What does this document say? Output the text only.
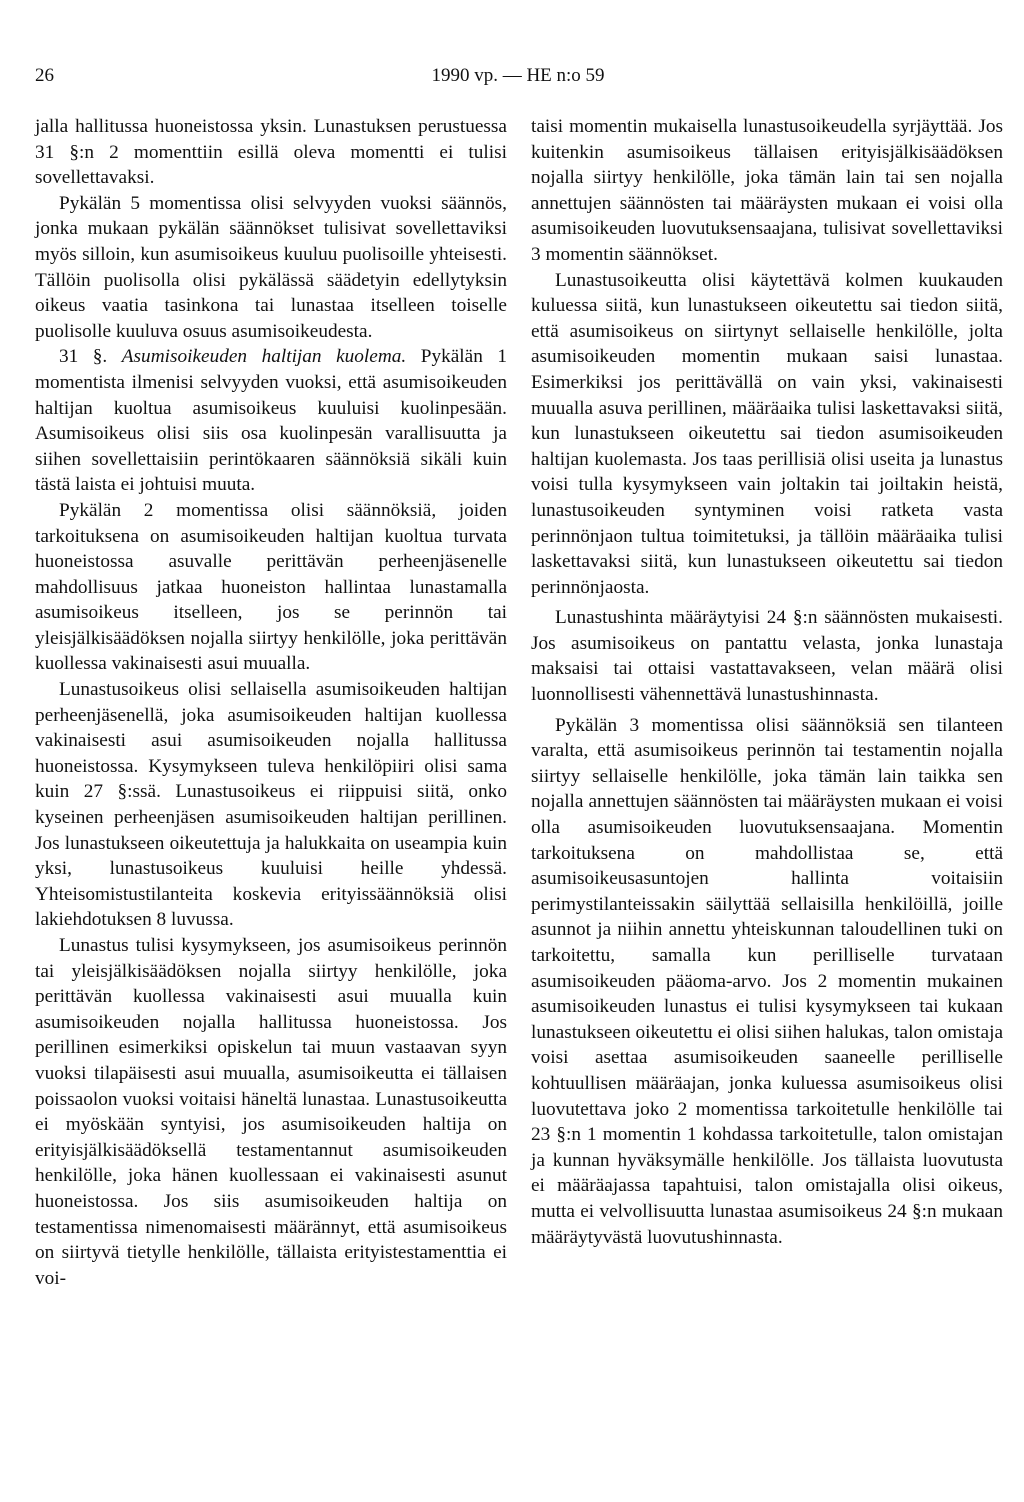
26	1990 vp. — HE n:o 59

jalla hallitussa huoneistossa yksin. Lunastuksen perustuessa 31 §:n 2 momenttiin esillä oleva momentti ei tulisi sovellettavaksi.

Pykälän 5 momentissa olisi selvyyden vuoksi säännös, jonka mukaan pykälän säännökset tulisivat sovellettaviksi myös silloin, kun asumisoikeus kuuluu puolisoille yhteisesti. Tällöin puolisolla olisi pykälässä säädetyin edellytyksin oikeus vaatia tasinkona tai lunastaa itselleen toiselle puolisolle kuuluva osuus asumisoikeudesta.

31 §. Asumisoikeuden haltijan kuolema. Pykälän 1 momentista ilmenisi selvyyden vuoksi, että asumisoikeuden haltijan kuoltua asumisoikeus kuuluisi kuolinpesään. Asumisoikeus olisi siis osa kuolinpesän varallisuutta ja siihen sovellettaisiin perintökaaren säännöksiä sikäli kuin tästä laista ei johtuisi muuta.

Pykälän 2 momentissa olisi säännöksiä, joiden tarkoituksena on asumisoikeuden haltijan kuoltua turvata huoneistossa asuvalle perittävän perheenjäsenelle mahdollisuus jatkaa huoneiston hallintaa lunastamalla asumisoikeus itselleen, jos se perinnön tai yleisjälkisäädöksen nojalla siirtyy henkilölle, joka perittävän kuollessa vakinaisesti asui muualla.

Lunastusoikeus olisi sellaisella asumisoikeuden haltijan perheenjäsenellä, joka asumisoikeuden haltijan kuollessa vakinaisesti asui asumisoikeuden nojalla hallitussa huoneistossa. Kysymykseen tuleva henkilöpiiri olisi sama kuin 27 §:ssä. Lunastusoikeus ei riippuisi siitä, onko kyseinen perheenjäsen asumisoikeuden haltijan perillinen. Jos lunastukseen oikeutettuja ja halukkaita on useampia kuin yksi, lunastusoikeus kuuluisi heille yhdessä. Yhteisomistustilanteita koskevia erityissäännöksiä olisi lakiehdotuksen 8 luvussa.

Lunastus tulisi kysymykseen, jos asumisoikeus perinnön tai yleisjälkisäädöksen nojalla siirtyy henkilölle, joka perittävän kuollessa vakinaisesti asui muualla kuin asumisoikeuden nojalla hallitussa huoneistossa. Jos perillinen esimerkiksi opiskelun tai muun vastaavan syyn vuoksi tilapäisesti asui muualla, asumisoikeutta ei tällaisen poissaolon vuoksi voitaisi häneltä lunastaa. Lunastusoikeutta ei myöskään syntyisi, jos asumisoikeuden haltija on erityisjälkisäädöksellä testamentannut asumisoikeuden henkilölle, joka hänen kuollessaan ei vakinaisesti asunut huoneistossa. Jos siis asumisoikeuden haltija on testamentissa nimenomaisesti määrännyt, että asumisoikeus on siirtyvä tietylle henkilölle, tällaista erityistestamenttia ei voi-

taisi momentin mukaisella lunastusoikeudella syrjäyttää. Jos kuitenkin asumisoikeus tällaisen erityisjälkisäädöksen nojalla siirtyy henkilölle, joka tämän lain tai sen nojalla annettujen säännösten tai määräysten mukaan ei voisi olla asumisoikeuden luovutuksensaajana, tulisivat sovellettaviksi 3 momentin säännökset.

Lunastusoikeutta olisi käytettävä kolmen kuukauden kuluessa siitä, kun lunastukseen oikeutettu sai tiedon siitä, että asumisoikeus on siirtynyt sellaiselle henkilölle, jolta asumisoikeuden momentin mukaan saisi lunastaa. Esimerkiksi jos perittävällä on vain yksi, vakinaisesti muualla asuva perillinen, määräaika tulisi laskettavaksi siitä, kun lunastukseen oikeutettu sai tiedon asumisoikeuden haltijan kuolemasta. Jos taas perillisiä olisi useita ja lunastus voisi tulla kysymykseen vain joltakin tai joiltakin heistä, lunastusoikeuden syntyminen voisi ratketa vasta perinnönjaon tultua toimitetuksi, ja tällöin määräaika tulisi laskettavaksi siitä, kun lunastukseen oikeutettu sai tiedon perinnönjaosta.

Lunastushinta määräytyisi 24 §:n säännösten mukaisesti. Jos asumisoikeus on pantattu velasta, jonka lunastaja maksaisi tai ottaisi vastattavakseen, velan määrä olisi luonnollisesti vähennettävä lunastushinnasta.

Pykälän 3 momentissa olisi säännöksiä sen tilanteen varalta, että asumisoikeus perinnön tai testamentin nojalla siirtyy sellaiselle henkilölle, joka tämän lain taikka sen nojalla annettujen säännösten tai määräysten mukaan ei voisi olla asumisoikeuden luovutuksensaajana. Momentin tarkoituksena on mahdollistaa se, että asumisoikeusasuntojen hallinta voitaisiin perimystilanteissakin säilyttää sellaisilla henkilöillä, joille asunnot ja niihin annettu yhteiskunnan taloudellinen tuki on tarkoitettu, samalla kun perilliselle turvataan asumisoikeuden pääoma-arvo. Jos 2 momentin mukainen asumisoikeuden lunastus ei tulisi kysymykseen tai kukaan lunastukseen oikeutettu ei olisi siihen halukas, talon omistaja voisi asettaa asumisoikeuden saaneelle perilliselle kohtuullisen määräajan, jonka kuluessa asumisoikeus olisi luovutettava joko 2 momentissa tarkoitetulle henkilölle tai 23 §:n 1 momentin 1 kohdassa tarkoitetulle, talon omistajan ja kunnan hyväksymälle henkilölle. Jos tällaista luovutusta ei määräajassa tapahtuisi, talon omistajalla olisi oikeus, mutta ei velvollisuutta lunastaa asumisoikeus 24 §:n mukaan määräytyvästä luovutushinnasta.
